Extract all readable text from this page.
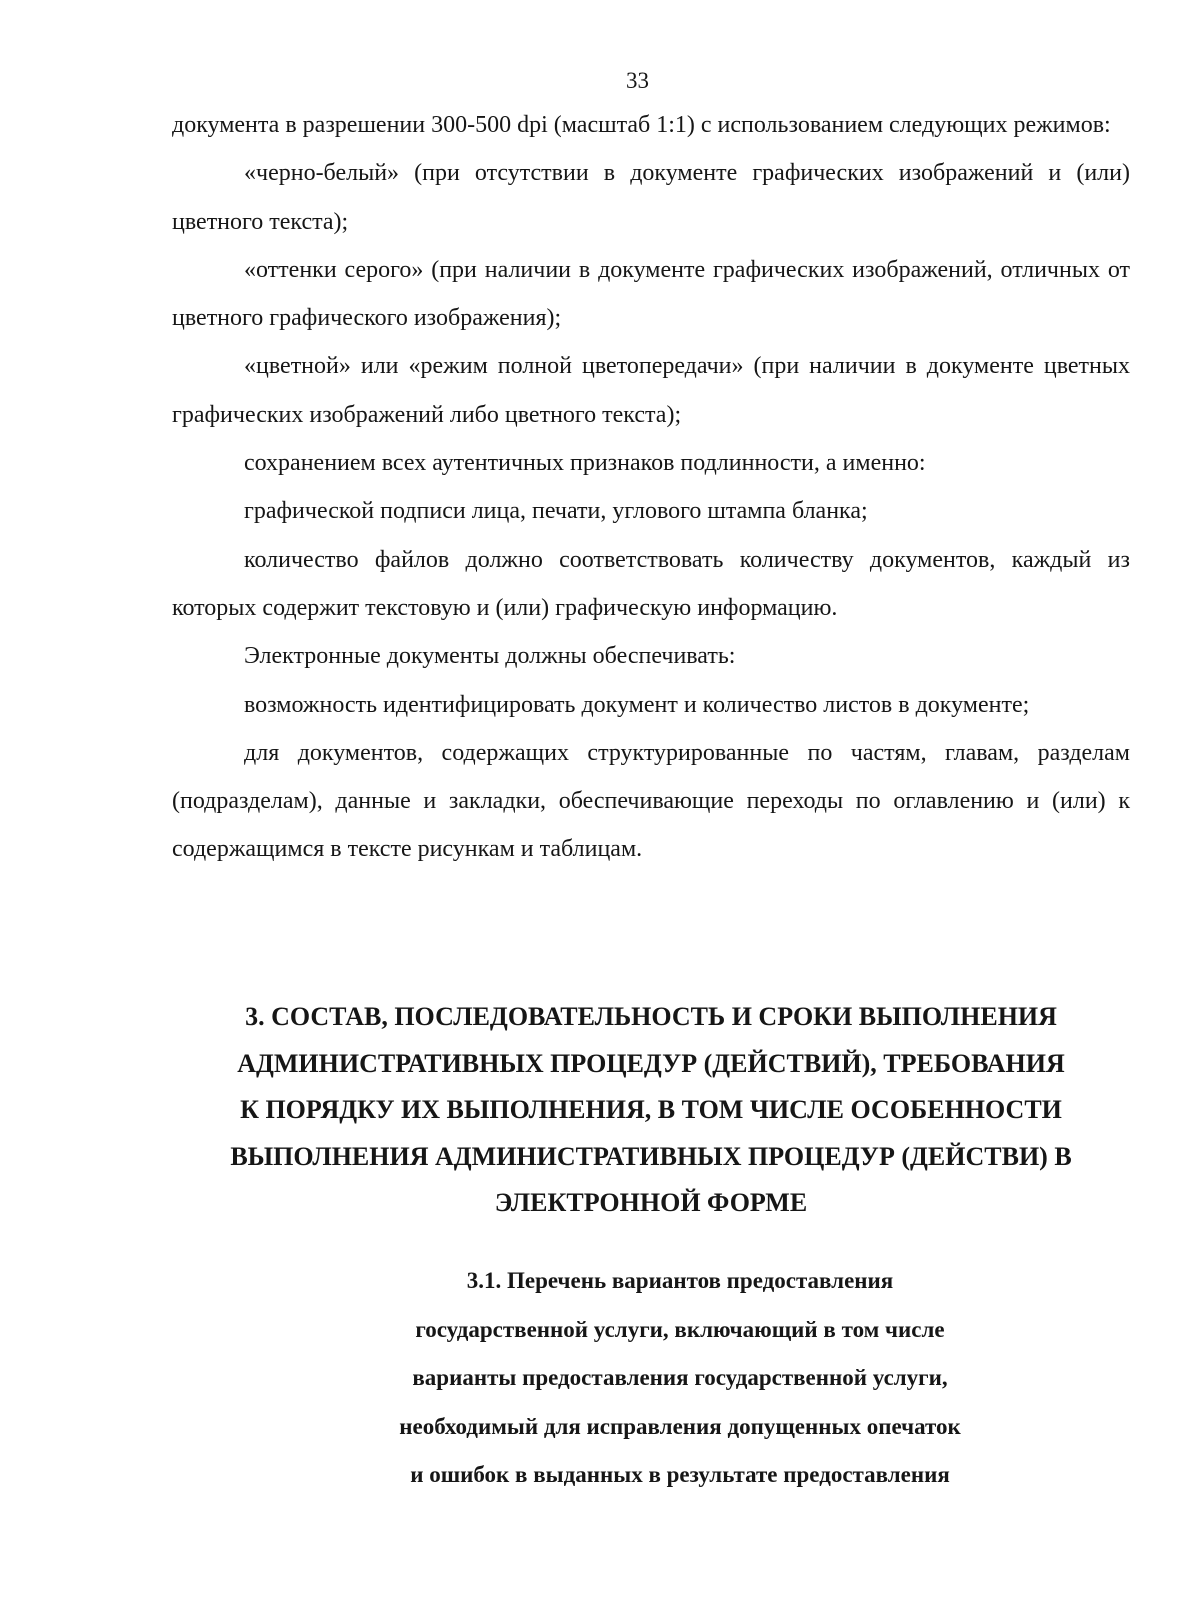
33

документа в разрешении 300-500 dpi (масштаб 1:1) с использованием следующих режимов:

«черно-белый» (при отсутствии в документе графических изображений и (или) цветного текста);

«оттенки серого» (при наличии в документе графических изображений, отличных от цветного графического изображения);

«цветной» или «режим полной цветопередачи» (при наличии в документе цветных графических изображений либо цветного текста);

сохранением всех аутентичных признаков подлинности, а именно:

графической подписи лица, печати, углового штампа бланка;

количество файлов должно соответствовать количеству документов, каждый из которых содержит текстовую и (или) графическую информацию.

Электронные документы должны обеспечивать:

возможность идентифицировать документ и количество листов в документе;

для документов, содержащих структурированные по частям, главам, разделам (подразделам), данные и закладки, обеспечивающие переходы по оглавлению и (или) к содержащимся в тексте рисункам и таблицам.

3. СОСТАВ, ПОСЛЕДОВАТЕЛЬНОСТЬ И СРОКИ ВЫПОЛНЕНИЯ
АДМИНИСТРАТИВНЫХ ПРОЦЕДУР (ДЕЙСТВИЙ), ТРЕБОВАНИЯ
К ПОРЯДКУ ИХ ВЫПОЛНЕНИЯ, В ТОМ ЧИСЛЕ ОСОБЕННОСТИ
ВЫПОЛНЕНИЯ АДМИНИСТРАТИВНЫХ ПРОЦЕДУР (ДЕЙСТВИ) В
ЭЛЕКТРОННОЙ ФОРМЕ
3.1. Перечень вариантов предоставления
государственной услуги, включающий в том числе
варианты предоставления государственной услуги,
необходимый для исправления допущенных опечаток
и ошибок в выданных в результате предоставления
